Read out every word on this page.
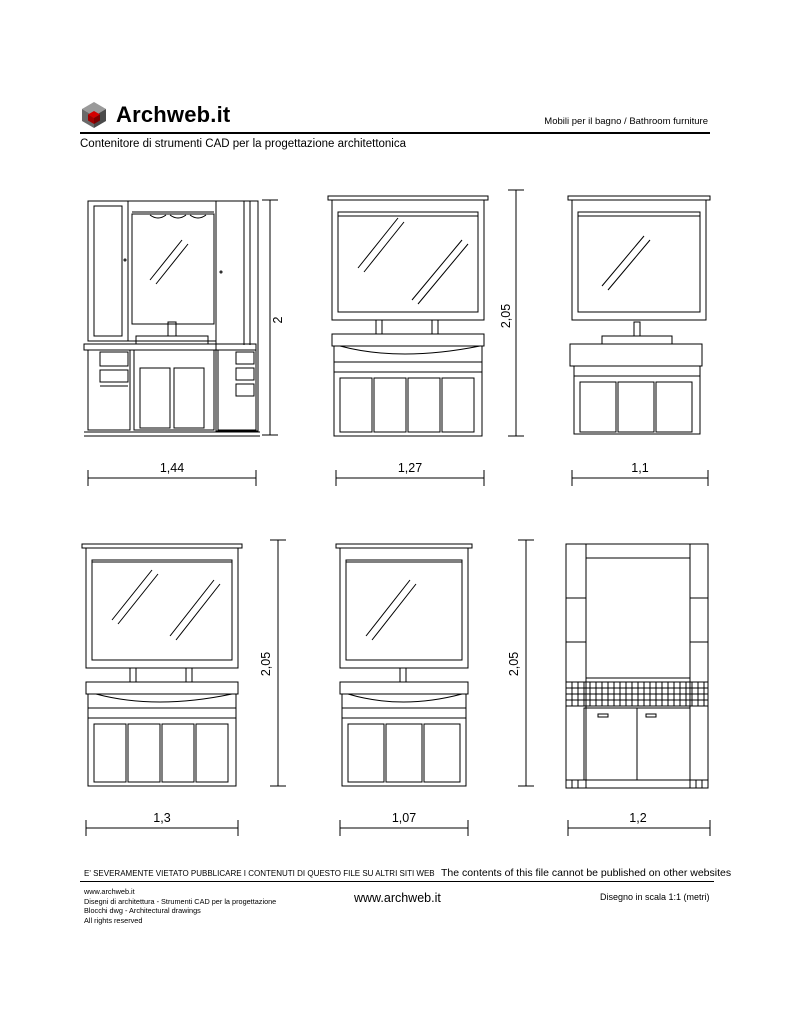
Archweb.it	Mobili per il bagno / Bathroom furniture
Contenitore di strumenti CAD per la progettazione architettonica
1,44
2
1,27
2,05
1,1
1,3
2,05
1,07
2,05
1,2
E' SEVERAMENTE VIETATO PUBBLICARE I CONTENUTI DI QUESTO FILE SU ALTRI SITI WEB The contents of this file cannot be published on other websites
www.archweb.it
Disegni di architettura - Strumenti CAD per la progettazione
Blocchi dwg - Architectural drawings
All rights reserved
www.archweb.it	Disegno in scala 1:1 (metri)
